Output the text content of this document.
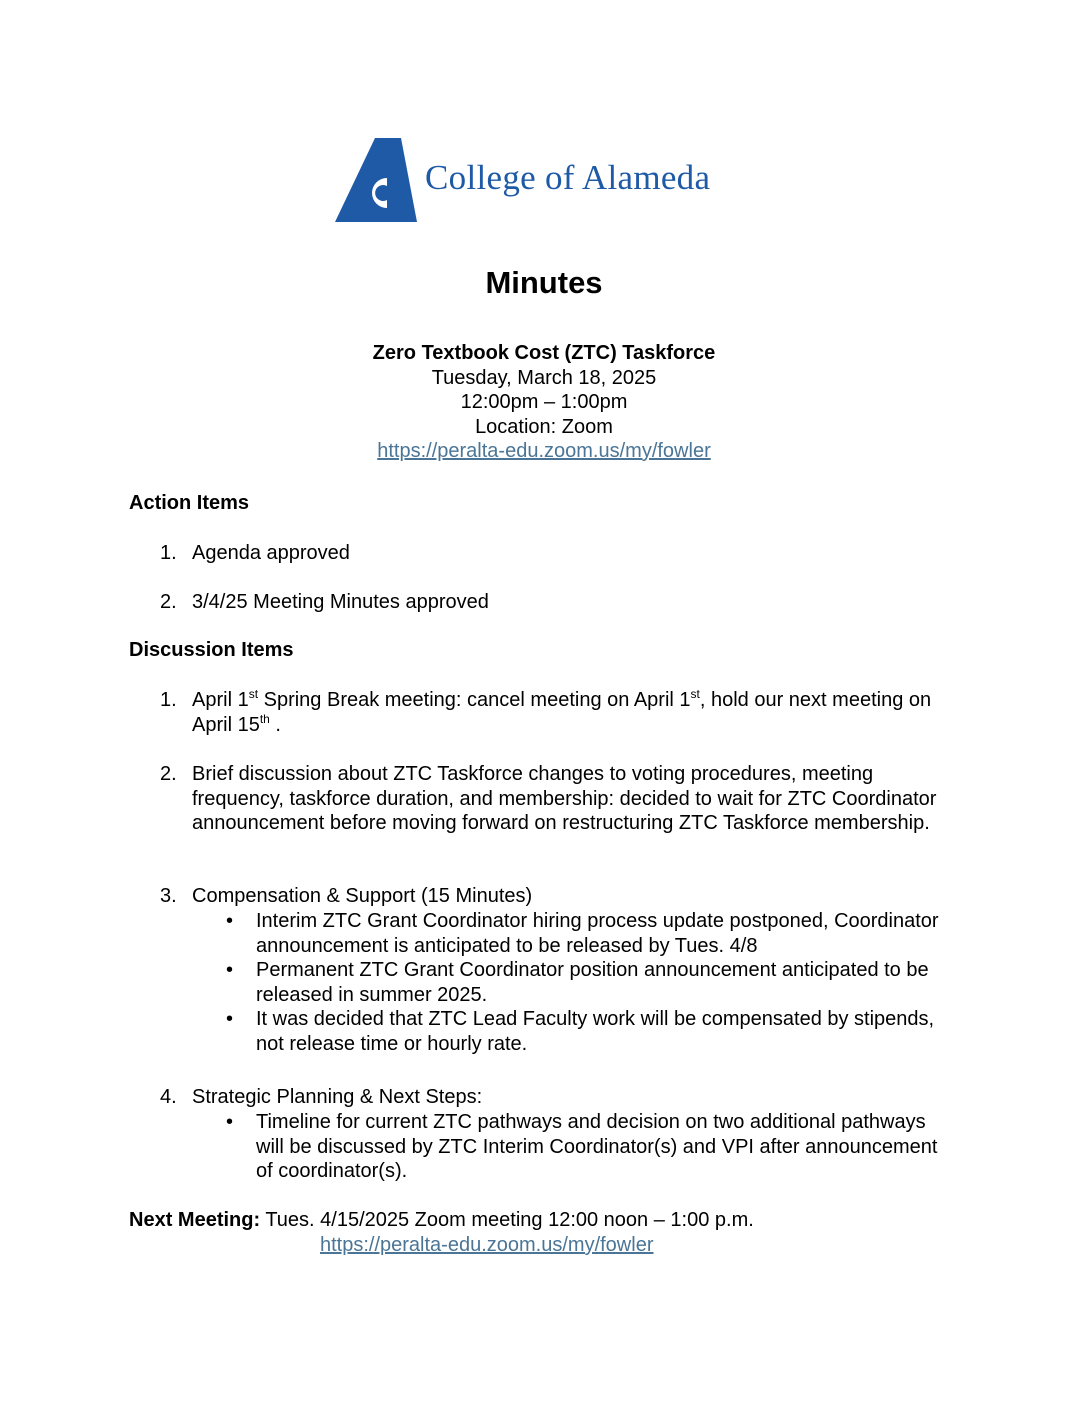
College of Alameda
Minutes
Zero Textbook Cost (ZTC) Taskforce
Tuesday, March 18, 2025
12:00pm – 1:00pm
Location: Zoom
https://peralta-edu.zoom.us/my/fowler
Action Items
1. Agenda approved
2. 3/4/25 Meeting Minutes approved
Discussion Items
1. April 1st Spring Break meeting: cancel meeting on April 1st, hold our next meeting on April 15th .
2. Brief discussion about ZTC Taskforce changes to voting procedures, meeting frequency, taskforce duration, and membership: decided to wait for ZTC Coordinator announcement before moving forward on restructuring ZTC Taskforce membership.
3. Compensation & Support (15 Minutes)
• Interim ZTC Grant Coordinator hiring process update postponed, Coordinator announcement is anticipated to be released by Tues. 4/8
• Permanent ZTC Grant Coordinator position announcement anticipated to be released in summer 2025.
• It was decided that ZTC Lead Faculty work will be compensated by stipends, not release time or hourly rate.
4. Strategic Planning & Next Steps:
• Timeline for current ZTC pathways and decision on two additional pathways will be discussed by ZTC Interim Coordinator(s) and VPI after announcement of coordinator(s).
Next Meeting: Tues. 4/15/2025 Zoom meeting 12:00 noon – 1:00 p.m.
https://peralta-edu.zoom.us/my/fowler
